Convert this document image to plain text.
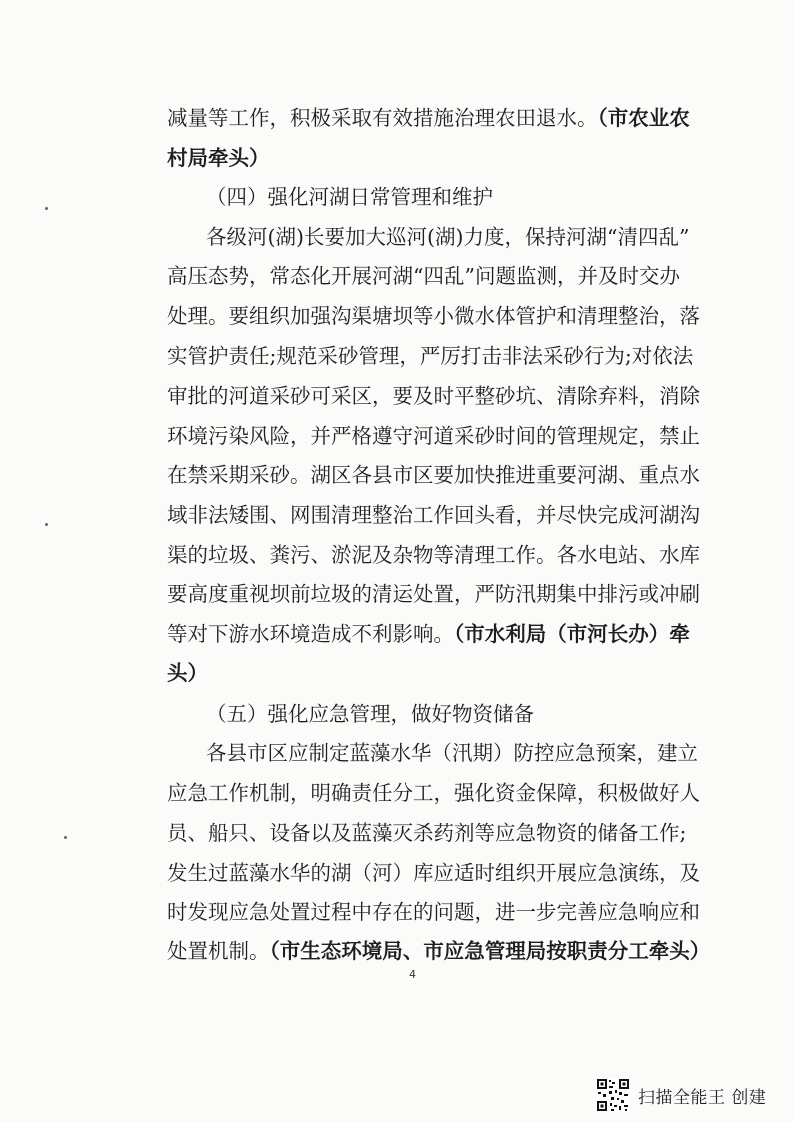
减量等工作，积极采取有效措施治理农田退水。（市农业农
村局牵头）
（四）强化河湖日常管理和维护
各级河(湖)长要加大巡河(湖)力度，保持河湖“清四乱”
高压态势，常态化开展河湖“四乱”问题监测，并及时交办
处理。要组织加强沟渠塘坝等小微水体管护和清理整治，落
实管护责任;规范采砂管理，严厉打击非法采砂行为;对依法
审批的河道采砂可采区，要及时平整砂坑、清除弃料，消除
环境污染风险，并严格遵守河道采砂时间的管理规定，禁止
在禁采期采砂。湖区各县市区要加快推进重要河湖、重点水
域非法矮围、网围清理整治工作回头看，并尽快完成河湖沟
渠的垃圾、粪污、淤泥及杂物等清理工作。各水电站、水库
要高度重视坝前垃圾的清运处置，严防汛期集中排污或冲刷
等对下游水环境造成不利影响。（市水利局（市河长办）牵
头）
（五）强化应急管理，做好物资储备
各县市区应制定蓝藻水华（汛期）防控应急预案，建立
应急工作机制，明确责任分工，强化资金保障，积极做好人
员、船只、设备以及蓝藻灭杀药剂等应急物资的储备工作;
发生过蓝藻水华的湖（河）库应适时组织开展应急演练，及
时发现应急处置过程中存在的问题，进一步完善应急响应和
处置机制。（市生态环境局、市应急管理局按职责分工牵头）
4
扫描全能王 创建
